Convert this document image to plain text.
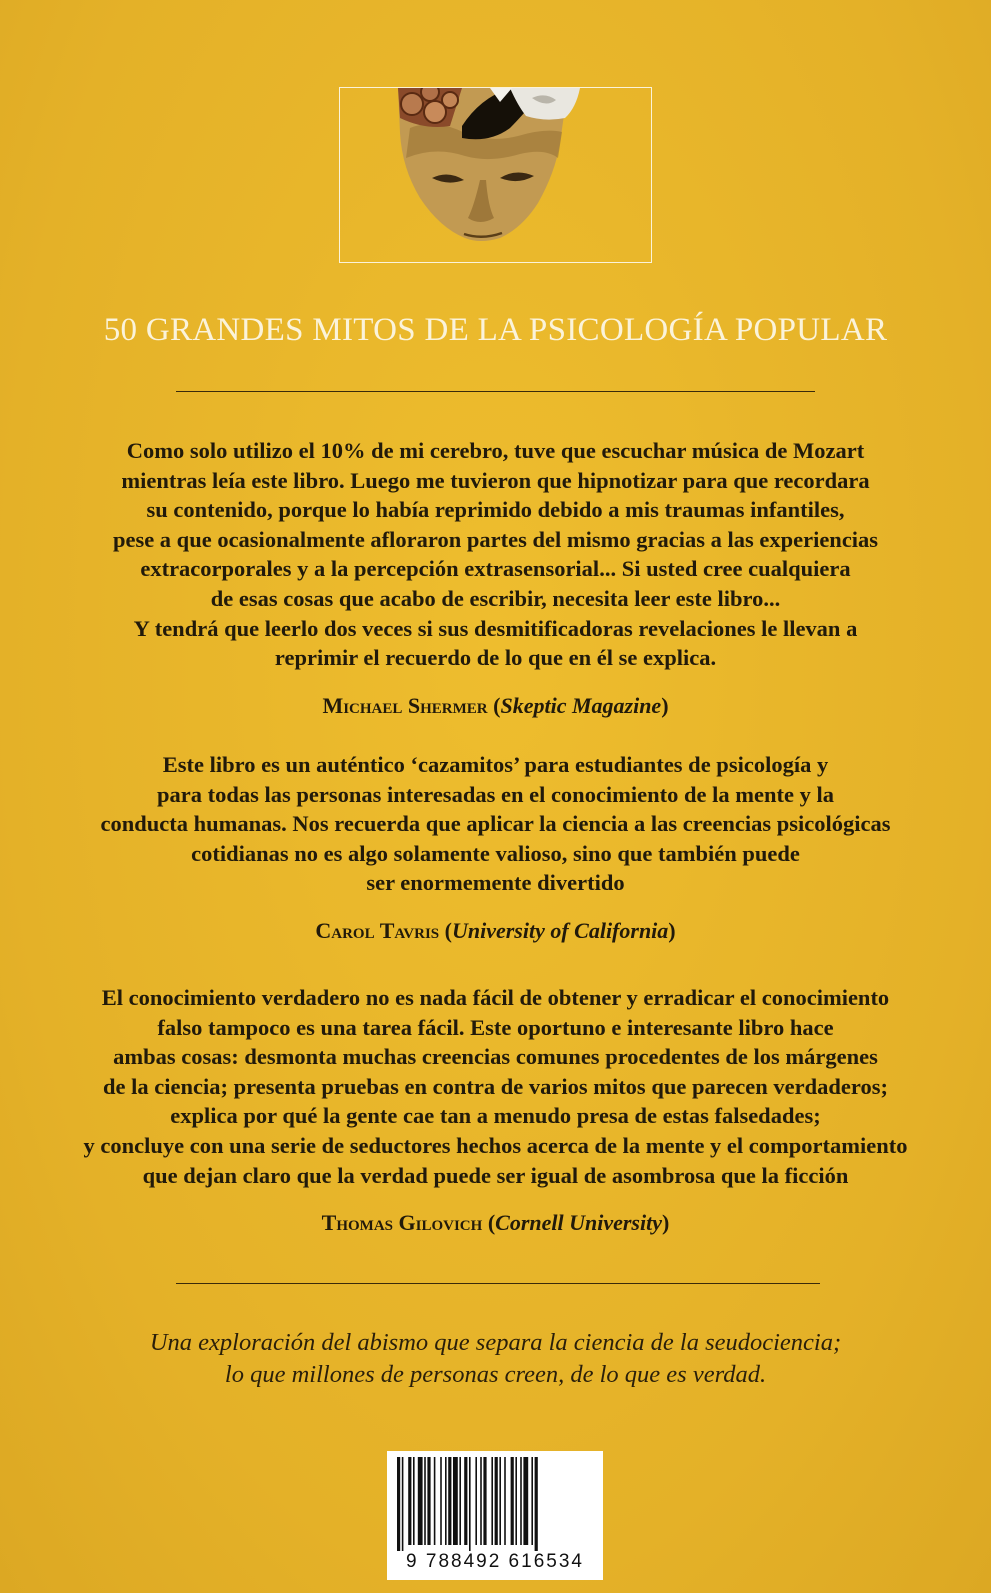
50 GRANDES MITOS DE LA PSICOLOGÍA POPULAR
Como solo utilizo el 10% de mi cerebro, tuve que escuchar música de Mozart
mientras leía este libro. Luego me tuvieron que hipnotizar para que recordara
su contenido, porque lo había reprimido debido a mis traumas infantiles,
pese a que ocasionalmente afloraron partes del mismo gracias a las experiencias
extracorporales y a la percepción extrasensorial... Si usted cree cualquiera
de esas cosas que acabo de escribir, necesita leer este libro...
Y tendrá que leerlo dos veces si sus desmitificadoras revelaciones le llevan a
reprimir el recuerdo de lo que en él se explica.
Michael Shermer (Skeptic Magazine)
Este libro es un auténtico ‘cazamitos’ para estudiantes de psicología y
para todas las personas interesadas en el conocimiento de la mente y la
conducta humanas. Nos recuerda que aplicar la ciencia a las creencias psicológicas
cotidianas no es algo solamente valioso, sino que también puede
ser enormemente divertido
Carol Tavris (University of California)
El conocimiento verdadero no es nada fácil de obtener y erradicar el conocimiento
falso tampoco es una tarea fácil. Este oportuno e interesante libro hace
ambas cosas: desmonta muchas creencias comunes procedentes de los márgenes
de la ciencia; presenta pruebas en contra de varios mitos que parecen verdaderos;
explica por qué la gente cae tan a menudo presa de estas falsedades;
y concluye con una serie de seductores hechos acerca de la mente y el comportamiento
que dejan claro que la verdad puede ser igual de asombrosa que la ficción
Thomas Gilovich (Cornell University)
Una exploración del abismo que separa la ciencia de la seudociencia;
lo que millones de personas creen, de lo que es verdad.
9 788492 616534
